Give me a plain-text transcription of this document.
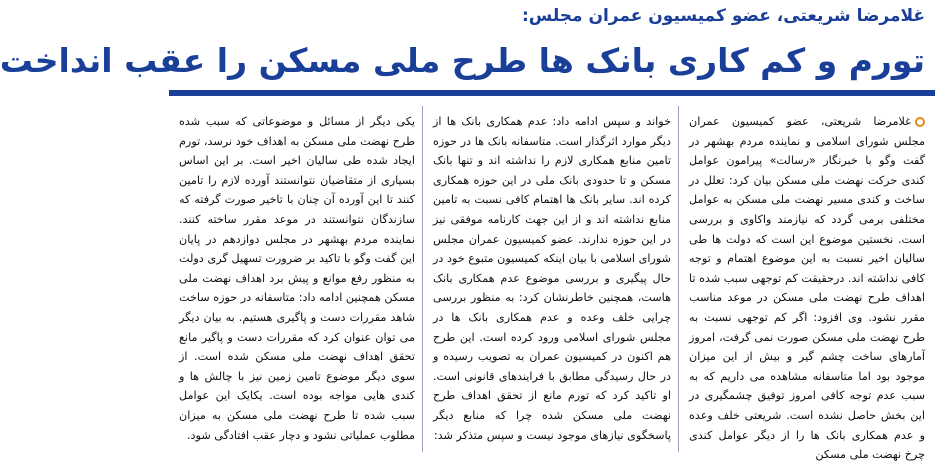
غلامرضا شریعتی، عضو کمیسیون عمران مجلس:
تورم و کم کاری بانک ها طرح ملی مسکن را عقب انداخت

غلامرضا شریعتی، عضو کمیسیون عمران مجلس شورای اسلامی و نماینده مردم بهشهر در گفت وگو با خبرنگار «رسالت» پیرامون عوامل کندی حرکت نهضت ملی مسکن بیان کرد: تعلل در ساخت و کندی مسیر نهضت ملی مسکن به عوامل مختلفی برمی گردد که نیازمند واکاوی و بررسی است. نخستین موضوع این است که دولت ها طی سالیان اخیر نسبت به این موضوع اهتمام و توجه کافی نداشته اند. درحقیقت کم توجهی سبب شده تا اهداف طرح نهضت ملی مسکن در موعد مناسب مقرر نشود. وی افزود: اگر کم توجهی نسبت به طرح نهضت ملی مسکن صورت نمی گرفت، امروز آمارهای ساخت چشم گیر و بیش از این میزان موجود بود اما متاسفانه مشاهده می داریم که به سبب عدم توجه کافی امروز توفیق چشمگیری در این بخش حاصل نشده است. شریعتی خلف وعده و عدم همکاری بانک ها را از دیگر عوامل کندی چرخ نهضت ملی مسکن

خواند و سپس ادامه داد: عدم همکاری بانک ها از دیگر موارد اثرگذار است. متاسفانه بانک ها در حوزه تامین منابع همکاری لازم را نداشته اند و تنها بانک مسکن و تا حدودی بانک ملی در این حوزه همکاری کرده اند. سایر بانک ها اهتمام کافی نسبت به تامین منابع نداشته اند و از این جهت کارنامه موفقی نیز در این حوزه ندارند. عضو کمیسیون عمران مجلس شورای اسلامی با بیان اینکه کمیسیون متبوع خود در حال پیگیری و بررسی موضوع عدم همکاری بانک هاست، همچنین خاطرنشان کرد: به منظور بررسی چرایی خلف وعده و عدم همکاری بانک ها در مجلس شورای اسلامی ورود کرده است. این طرح هم اکنون در کمیسیون عمران به تصویب رسیده و در حال رسیدگی مطابق با فرایندهای قانونی است. او تاکید کرد که تورم مانع از تحقق اهداف طرح نهضت ملی مسکن شده چرا که منابع دیگر پاسخگوی نیازهای موجود نیست و سپس متذکر شد:

یکی دیگر از مسائل و موضوعاتی که سبب شده طرح نهضت ملی مسکن به اهداف خود نرسد، تورم ایجاد شده طی سالیان اخیر است. بر این اساس بسیاری از متقاضیان نتوانستند آورده لازم را تامین کنند تا این آورده آن چنان با تاخیر صورت گرفته که سازندگان نتوانستند در موعد مقرر ساخته کنند. نماینده مردم بهشهر در مجلس دوازدهم در پایان این گفت وگو با تاکید بر ضرورت تسهیل گری دولت به منظور رفع موانع و پیش برد اهداف نهضت ملی مسکن همچنین ادامه داد: متاسفانه در حوزه ساخت شاهد مقررات دست و پاگیری هستیم. به بیان دیگر می توان عنوان کرد که مقررات دست و پاگیر مانع تحقق اهداف نهضت ملی مسکن شده است. از سوی دیگر موضوع تامین زمین نیز با چالش ها و کندی هایی مواجه بوده است. یکایک این عوامل سبب شده تا طرح نهضت ملی مسکن به میزان مطلوب عملیاتی نشود و دچار عقب افتادگی شود.
